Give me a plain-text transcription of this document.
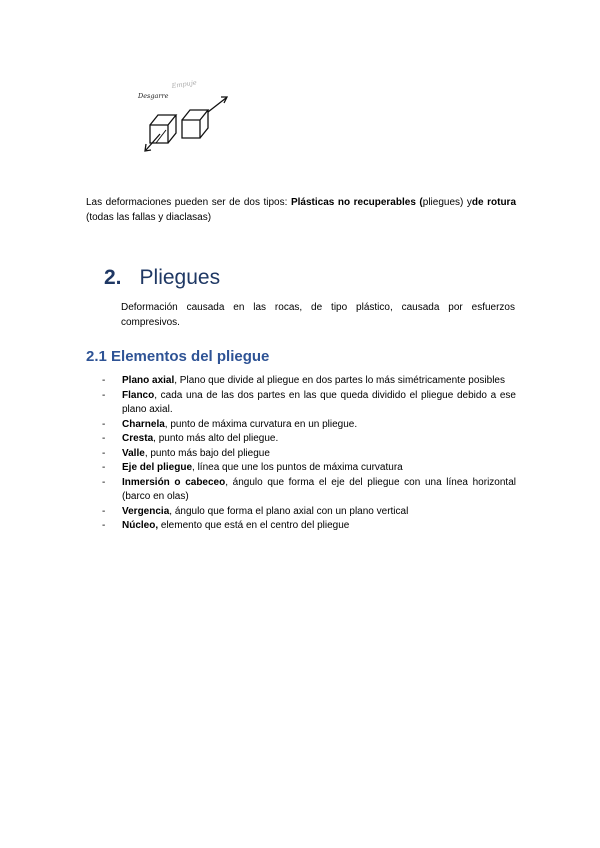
Desgarre
Empuje

Las deformaciones pueden ser de dos tipos: Plásticas no recuperables (pliegues) yde rotura (todas las fallas y diaclasas)

2. Pliegues

Deformación causada en las rocas, de tipo plástico, causada por esfuerzos compresivos.

2.1 Elementos del pliegue
-	Plano axial, Plano que divide al pliegue en dos partes lo más simétricamente posibles
-	Flanco, cada una de las dos partes en las que queda dividido el pliegue debido a ese plano axial.
-	Charnela, punto de máxima curvatura en un pliegue.
-	Cresta, punto más alto del pliegue.
-	Valle, punto más bajo del pliegue
-	Eje del pliegue, línea que une los puntos de máxima curvatura
-	Inmersión o cabeceo, ángulo que forma el eje del pliegue con una línea horizontal (barco en olas)
-	Vergencia, ángulo que forma el plano axial con un plano vertical
-	Núcleo, elemento que está en el centro del pliegue
